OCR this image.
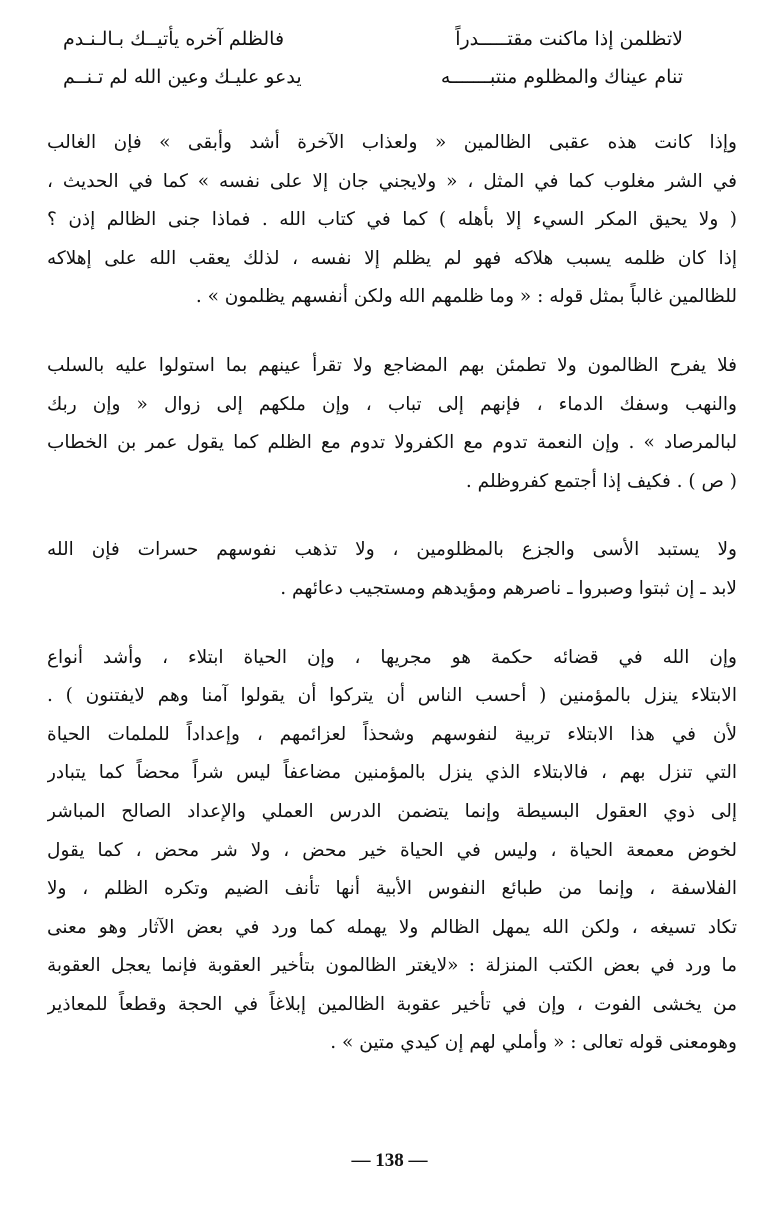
لاتظلمن إذا ماكنت مقتـــــدراً
فالظلم آخره يأتيــك بـالـنـدم
تنام عيناك والمظلوم منتبـــــــه
يدعو عليـك وعين الله لم تـنــم
وإذا كانت هذه عقبى الظالمين « ولعذاب الآخرة أشد وأبقى » فإن الغالب
في الشر مغلوب كما في المثل ، « ولايجني جان إلا على نفسه » كما في الحديث ،
( ولا يحيق المكر السيء إلا بأهله ) كما في كتاب الله . فماذا جنى الظالم إذن ؟
إذا كان ظلمه يسبب هلاكه فهو لم يظلم إلا نفسه ، لذلك يعقب الله على إهلاكه
للظالمين غالباً بمثل قوله : « وما ظلمهم الله ولكن أنفسهم يظلمون » .
فلا يفرح الظالمون ولا تطمئن بهم المضاجع ولا تقرأ عينهم بما استولوا عليه بالسلب
والنهب وسفك الدماء ، فإنهم إلى تباب ، وإن ملكهم إلى زوال « وإن ربك
لبالمرصاد » . وإن النعمة تدوم مع الكفرولا تدوم مع الظلم كما يقول عمر بن الخطاب
( ص ) . فكيف إذا أجتمع كفروظلم .
ولا يستبد الأسى والجزع بالمظلومين ، ولا تذهب نفوسهم حسرات فإن الله
لابد ـ إن ثبتوا وصبروا ـ ناصرهم ومؤيدهم ومستجيب دعائهم .
وإن الله في قضائه حكمة هو مجريها ، وإن الحياة ابتلاء ، وأشد أنواع
الابتلاء ينزل بالمؤمنين ( أحسب الناس أن يتركوا أن يقولوا آمنا وهم لايفتنون ) .
لأن في هذا الابتلاء تربية لنفوسهم وشحذاً لعزائمهم ، وإعداداً للملمات الحياة
التي تنزل بهم ، فالابتلاء الذي ينزل بالمؤمنين مضاعفاً ليس شراً محضاً كما يتبادر
إلى ذوي العقول البسيطة وإنما يتضمن الدرس العملي والإعداد الصالح المباشر
لخوض معمعة الحياة ، وليس في الحياة خير محض ، ولا شر محض ، كما يقول
الفلاسفة ، وإنما من طبائع النفوس الأبية أنها تأنف الضيم وتكره الظلم ، ولا
تكاد تسيغه ، ولكن الله يمهل الظالم ولا يهمله كما ورد في بعض الآثار وهو معنى
ما ورد في بعض الكتب المنزلة : «لايغتر الظالمون بتأخير العقوبة فإنما يعجل العقوبة
من يخشى الفوت ، وإن في تأخير عقوبة الظالمين إبلاغاً في الحجة وقطعاً للمعاذير
وهومعنى قوله تعالى : « وأملي لهم إن كيدي متين » .
— 138 —
